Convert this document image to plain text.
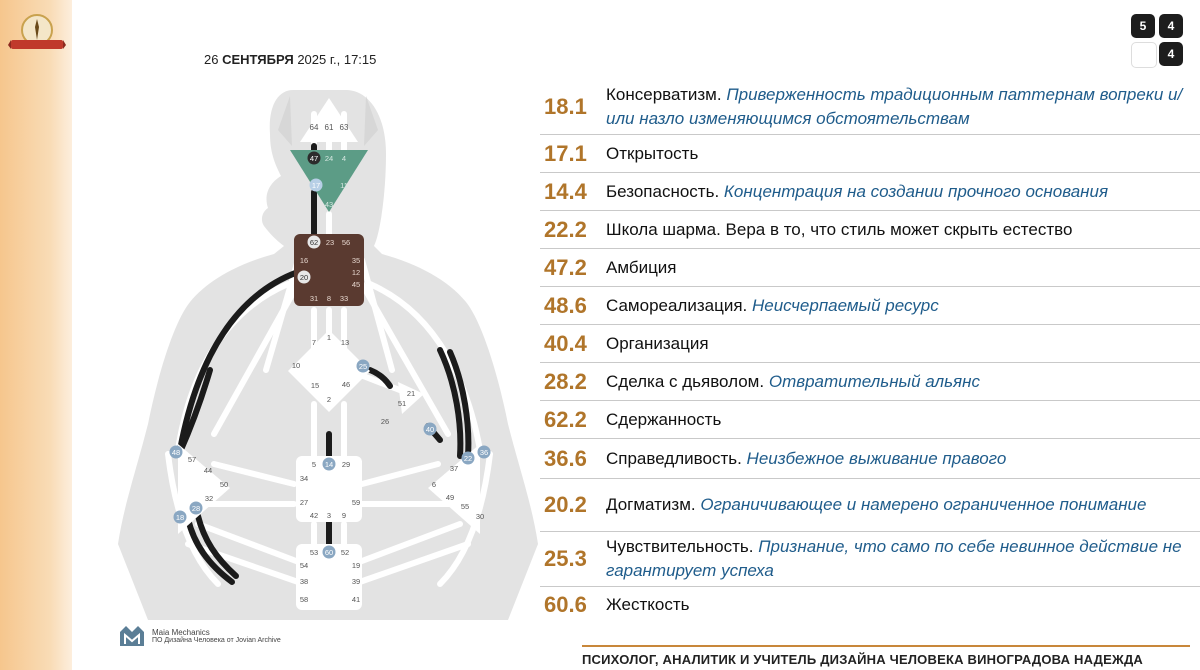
26 СЕНТЯБРЯ 2025 г., 17:15
5	4
4
64 61 63
47 24 4
17	11
43
62 23 56
16	35
20
12
45
31 8 33
7
1
13
10	25
15	46
2
21
51
26
40
14
5	29
34
27	59
42 3 9
48
57
44
50
32
28
18
36
22
37
6
49
55
30
53 60 52
54	19
38	39
58	41
18.1	Консерватизм. Приверженность традиционным паттернам вопреки и/или назло изменяющимся обстоятельствам
17.1	Открытость
14.4	Безопасность. Концентрация на создании прочного основания
22.2	Школа шарма. Вера в то, что стиль может скрыть естество
47.2	Амбиция
48.6	Самореализация. Неисчерпаемый ресурс
40.4	Организация
28.2	Сделка с дьяволом. Отвратительный альянс
62.2	Сдержанность
36.6	Справедливость. Неизбежное выживание правого
20.2	Догматизм. Ограничивающее и намерено ограниченное понимание
25.3	Чувствительность. Признание, что само по себе невинное действие не гарантирует успеха
60.6	Жесткость
Maia Mechanics
ПО Дизайна Человека от Jovian Archive
ПСИХОЛОГ, АНАЛИТИК И УЧИТЕЛЬ ДИЗАЙНА ЧЕЛОВЕКА ВИНОГРАДОВА НАДЕЖДА
